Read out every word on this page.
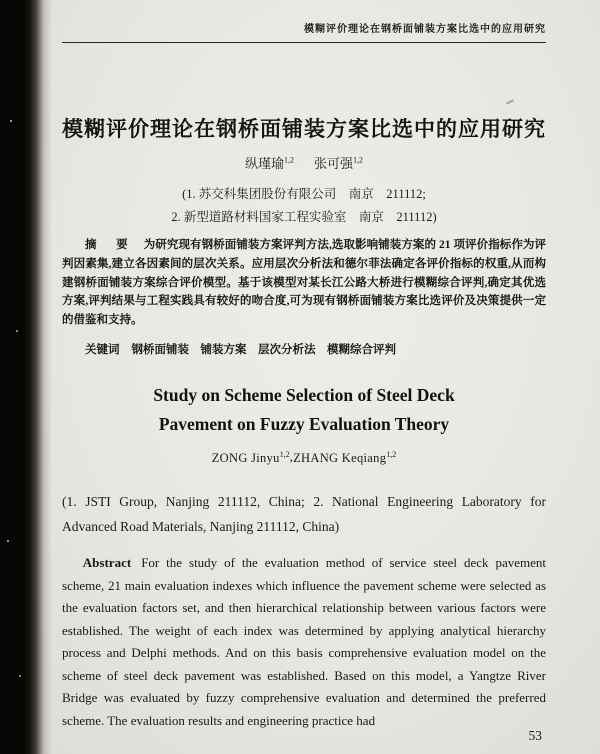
模糊评价理论在钢桥面铺装方案比选中的应用研究
模糊评价理论在钢桥面铺装方案比选中的应用研究
纵瑾瑜$^{1,2}$ 张可强$^{1,2}$
(1. 苏交科集团股份有限公司　南京　211112;
2. 新型道路材料国家工程实验室　南京　211112)

摘　要 为研究现有钢桥面铺装方案评判方法,选取影响铺装方案的 21 项评价指标作为评判因素集,建立各因素间的层次关系。应用层次分析法和德尔菲法确定各评价指标的权重,从而构建钢桥面铺装方案综合评价模型。基于该模型对某长江公路大桥进行模糊综合评判,确定其优选方案,评判结果与工程实践具有较好的吻合度,可为现有钢桥面铺装方案比选评价及决策提供一定的借鉴和支持。

关键词 钢桥面铺装　铺装方案　层次分析法　模糊综合评判

Study on Scheme Selection of Steel Deck
Pavement on Fuzzy Evaluation Theory
ZONG Jinyu$^{1,2}$,ZHANG Keqiang$^{1,2}$

(1. JSTI Group, Nanjing 211112, China; 2. National Engineering Laboratory for Advanced Road Materials, Nanjing 211112, China)

Abstract For the study of the evaluation method of service steel deck pavement scheme, 21 main evaluation indexes which influence the pavement scheme were selected as the evaluation factors set, and then hierarchical relationship between various factors were established. The weight of each index was determined by applying analytical hierarchy process and Delphi methods. And on this basis comprehensive evaluation model on the scheme of steel deck pavement was established. Based on this model, a Yangtze River Bridge was evaluated by fuzzy comprehensive evaluation and determined the preferred scheme. The evaluation results and engineering practice had

53
